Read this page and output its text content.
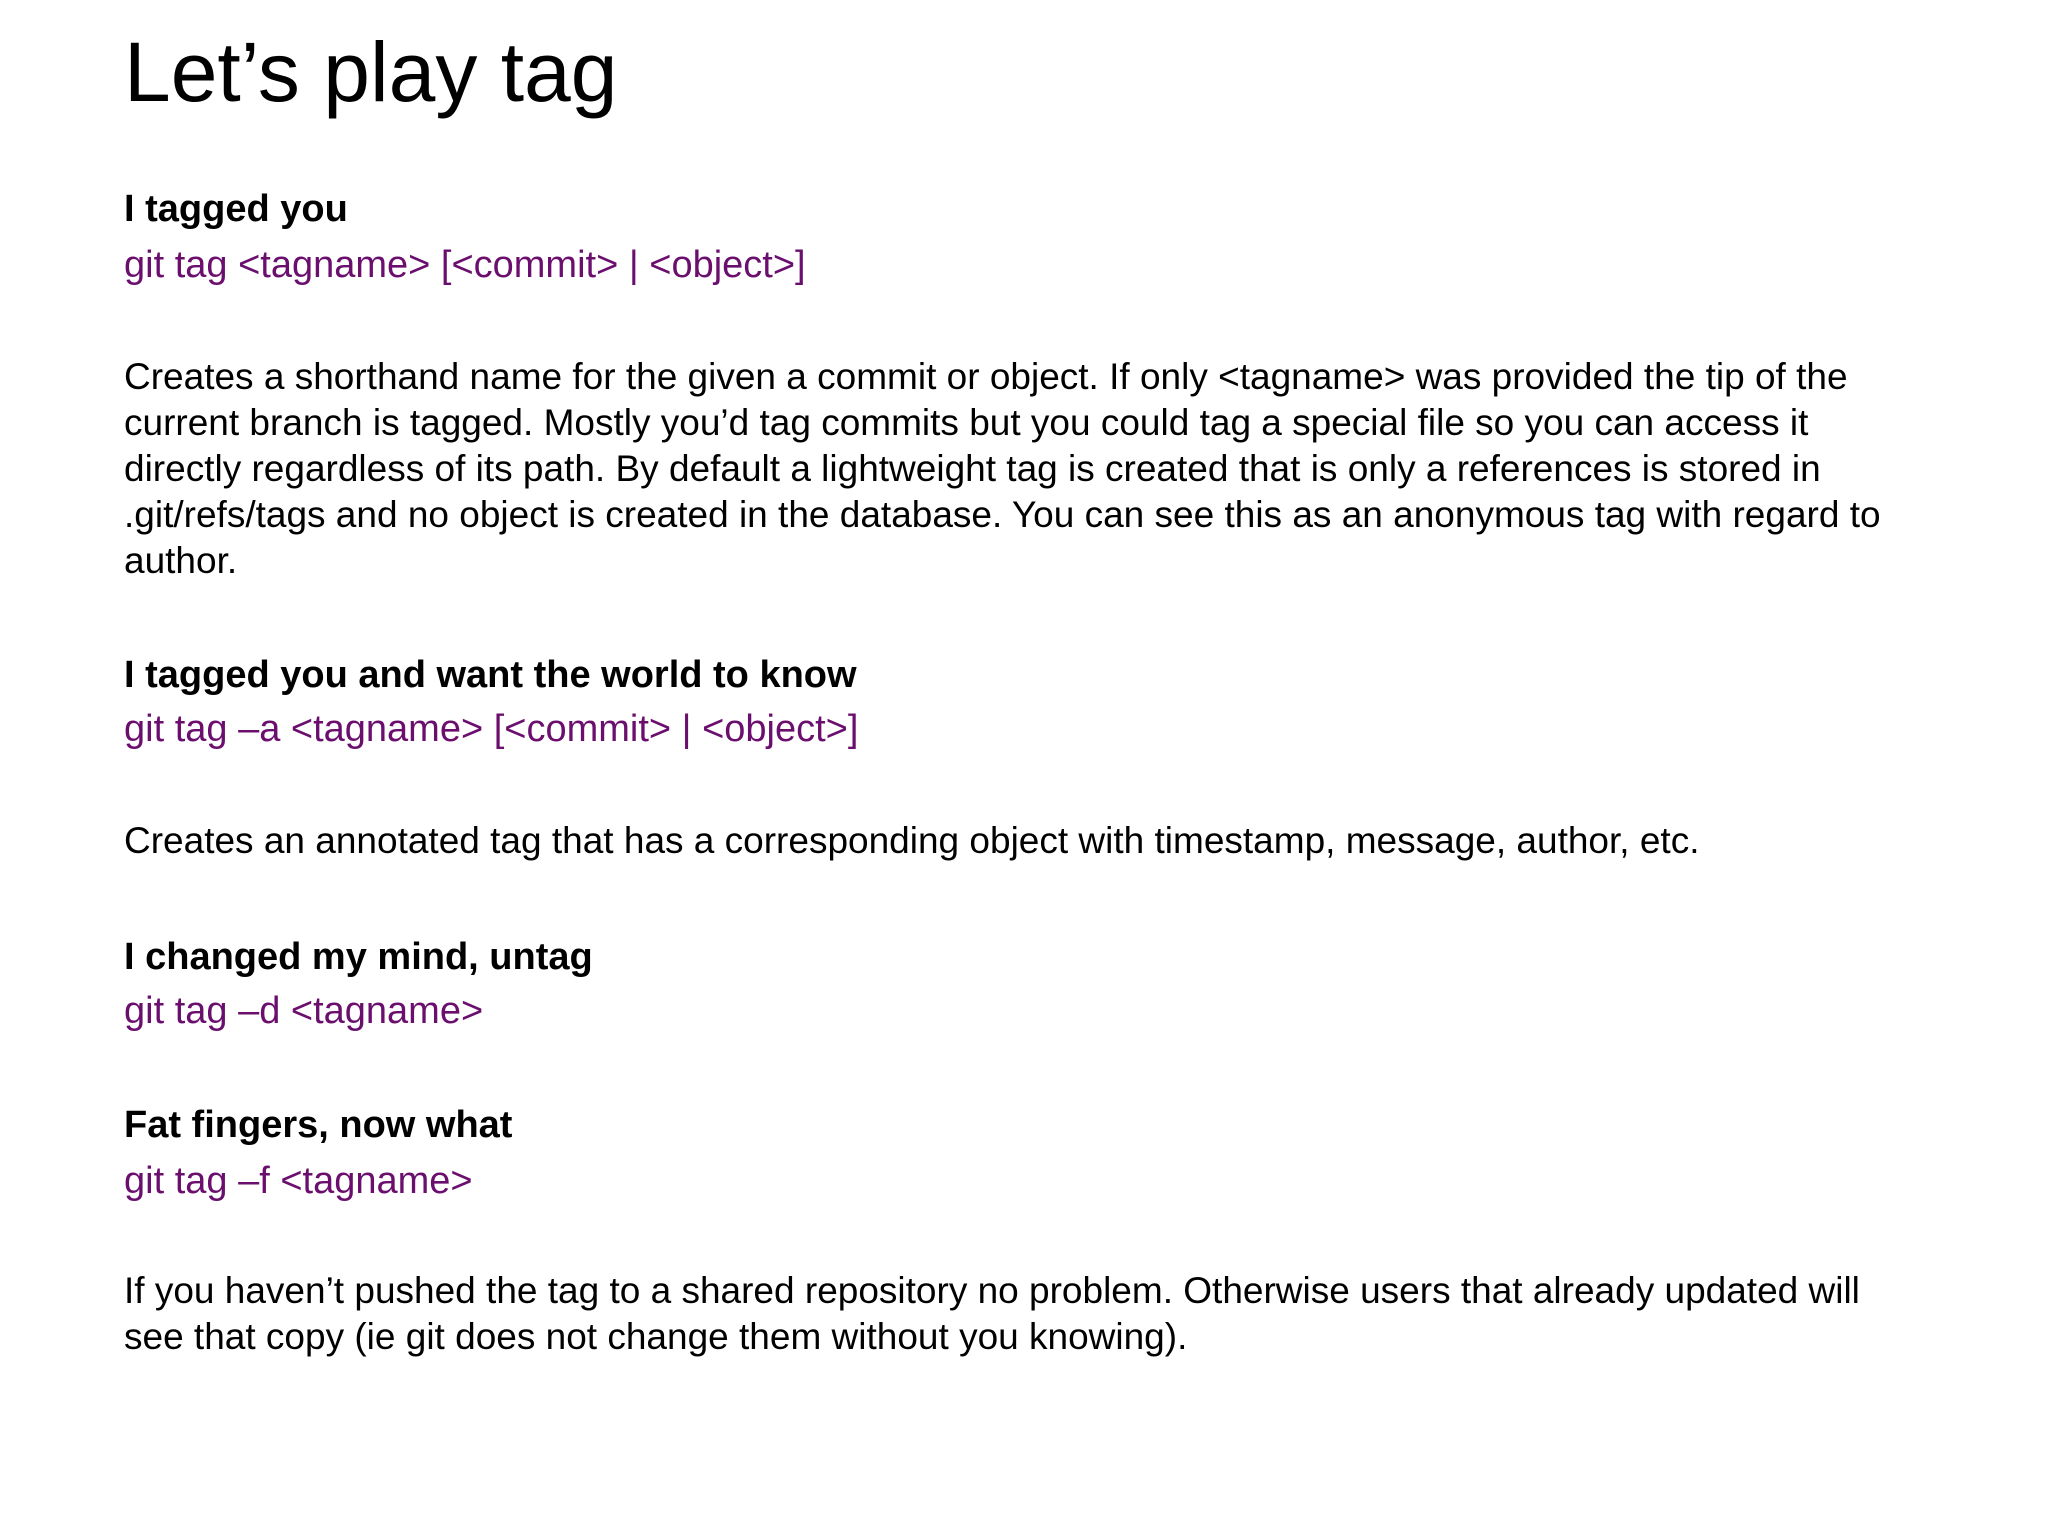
Let’s play tag
I tagged you
git tag <tagname> [<commit> | <object>]

Creates a shorthand name for the given a commit or object. If only <tagname> was provided the tip of the current branch is tagged. Mostly you’d tag commits but you could tag a special file so you can access it directly regardless of its path. By default a lightweight tag is created that is only a references is stored in .git/refs/tags and no object is created in the database. You can see this as an anonymous tag with regard to author.

I tagged you and want the world to know
git tag –a <tagname> [<commit> | <object>]

Creates an annotated tag that has a corresponding object with timestamp, message, author, etc.

I changed my mind, untag
git tag –d <tagname>
Fat fingers, now what
git tag –f <tagname>

If you haven’t pushed the tag to a shared repository no problem. Otherwise users that already updated will see that copy (ie git does not change them without you knowing).
